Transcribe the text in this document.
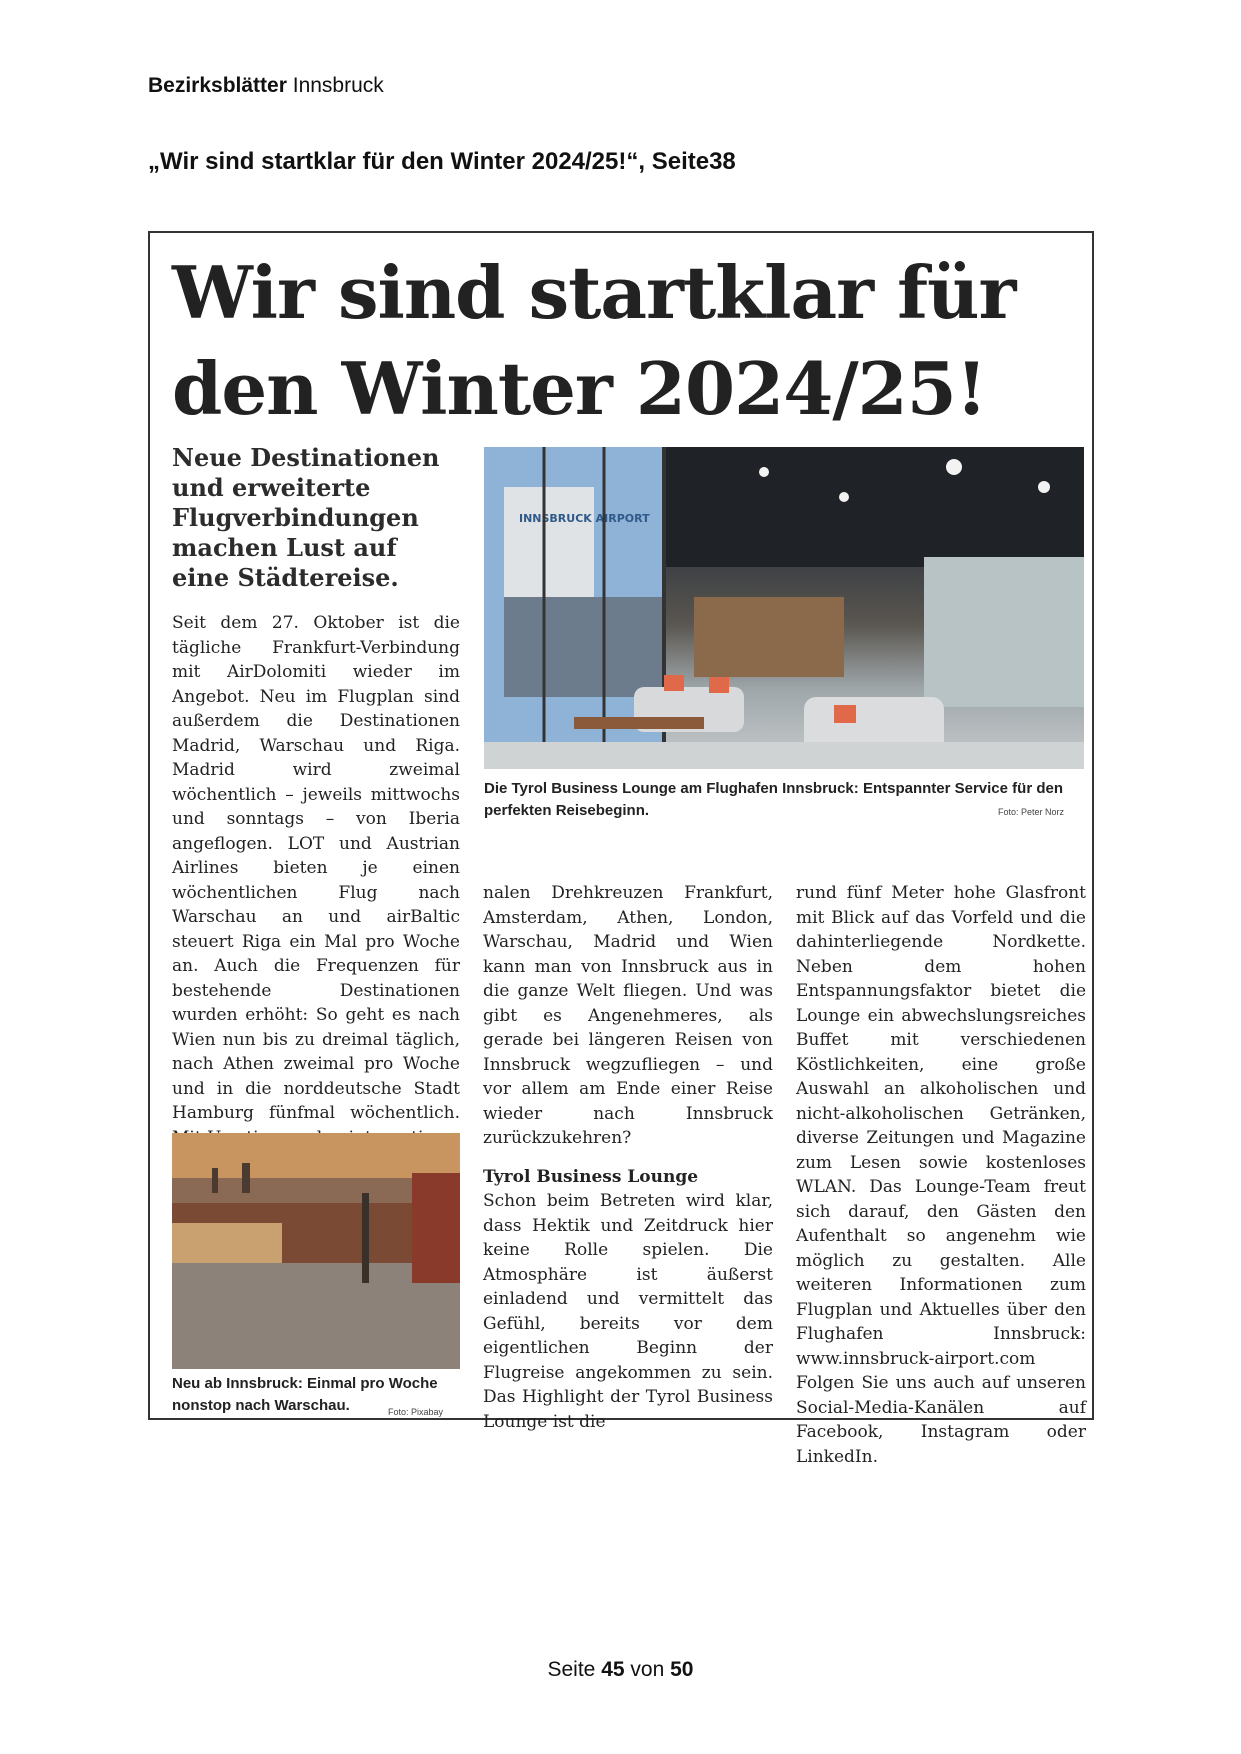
Bezirksblätter Innsbruck
„Wir sind startklar für den Winter 2024/25!“, Seite38
Wir sind startklar für den Winter 2024/25!
Neue Destinationen und erweiterte Flugverbindungen machen Lust auf eine Städtereise.

Seit dem 27. Oktober ist die tägliche Frankfurt-Verbindung mit AirDolomiti wieder im Angebot. Neu im Flugplan sind außerdem die Destinationen Madrid, Warschau und Riga. Madrid wird zweimal wöchentlich – jeweils mittwochs und sonntags – von Iberia angeflogen. LOT und Austrian Airlines bieten je einen wöchentlichen Flug nach Warschau an und airBaltic steuert Riga ein Mal pro Woche an. Auch die Frequenzen für bestehende Destinationen wurden erhöht: So geht es nach Wien nun bis zu dreimal täglich, nach Athen zweimal pro Woche und in die norddeutsche Stadt Hamburg fünfmal wöchentlich.

INNSBRUCK AIRPORT
Die Tyrol Business Lounge am Flughafen Innsbruck: Entspannter Service für den perfekten Reisebeginn.	Foto: Peter Norz
Neu ab Innsbruck: Einmal pro Woche nonstop nach Warschau.	Foto: Pixabay

nalen Drehkreuzen Frankfurt, Amsterdam, Athen, London, Warschau, Madrid und Wien kann man von Innsbruck aus in die ganze Welt fliegen. Und was gibt es Angenehmeres, als gerade bei längeren Reisen von Innsbruck wegzufliegen – und vor allem am Ende einer Reise wieder nach Innsbruck zurückzukehren?

Tyrol Business Lounge

Schon beim Betreten wird klar, dass Hektik und Zeitdruck hier keine Rolle spielen. Die Atmosphäre ist äußerst einladend und vermittelt das Gefühl, bereits vor dem eigentlichen Beginn der Flugreise angekommen zu sein. Das Highlight der Tyrol Business Lounge ist die

rund fünf Meter hohe Glasfront mit Blick auf das Vorfeld und die dahinterliegende Nordkette. Neben dem hohen Entspannungsfaktor bietet die Lounge ein abwechslungsreiches Buffet mit verschiedenen Köstlichkeiten, eine große Auswahl an alkoholischen und nicht-alkoholischen Getränken, diverse Zeitungen und Magazine zum Lesen sowie kostenloses WLAN. Das Lounge-Team freut sich darauf, den Gästen den Aufenthalt so angenehm wie möglich zu gestalten. Alle weiteren Informationen zum Flugplan und Aktuelles über den Flughafen Innsbruck: www.innsbruck-airport.com Folgen Sie uns auch auf unseren Social-Media-Kanälen auf Facebook, Instagram oder LinkedIn.

Seite 45 von 50
